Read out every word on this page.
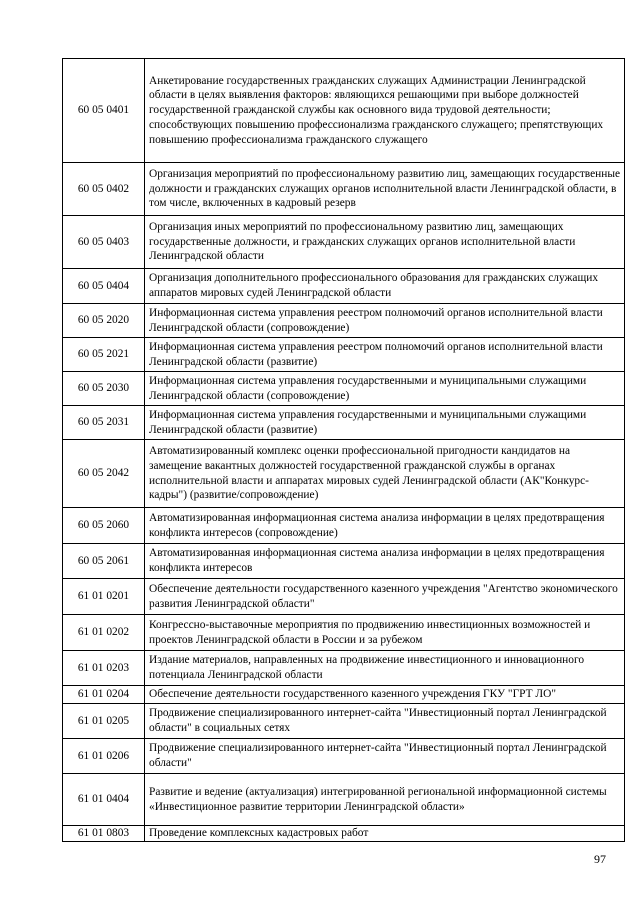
60 05 0401	Анкетирование государственных гражданских служащих Администрации Ленинградской области в целях выявления факторов: являющихся решающими при выборе должностей государственной гражданской службы как основного вида трудовой деятельности; способствующих повышению профессионализма гражданского служащего; препятствующих повышению профессионализма гражданского служащего
60 05 0402	Организация мероприятий по профессиональному развитию лиц, замещающих государственные должности и гражданских служащих органов исполнительной власти Ленинградской области, в том числе, включенных в кадровый резерв
60 05 0403	Организация иных мероприятий по профессиональному развитию лиц, замещающих государственные должности, и гражданских служащих органов исполнительной власти Ленинградской области
60 05 0404	Организация дополнительного профессионального образования для гражданских служащих аппаратов мировых судей Ленинградской области
60 05 2020	Информационная система управления реестром полномочий органов исполнительной власти Ленинградской области (сопровождение)
60 05 2021	Информационная система управления реестром полномочий органов исполнительной власти Ленинградской области (развитие)
60 05 2030	Информационная система управления государственными и муниципальными служащими Ленинградской области (сопровождение)
60 05 2031	Информационная система управления государственными и муниципальными служащими Ленинградской области (развитие)
60 05 2042	Автоматизированный комплекс оценки профессиональной пригодности кандидатов на замещение вакантных должностей государственной гражданской службы в органах исполнительной власти и аппаратах мировых судей Ленинградской области (АК"Конкурс-кадры") (развитие/сопровождение)
60 05 2060	Автоматизированная информационная система анализа информации в целях предотвращения конфликта интересов (сопровождение)
60 05 2061	Автоматизированная информационная система анализа информации в целях предотвращения конфликта интересов
61 01 0201	Обеспечение деятельности государственного казенного учреждения "Агентство экономического развития Ленинградской области"
61 01 0202	Конгрессно-выставочные мероприятия по продвижению инвестиционных возможностей и проектов Ленинградской области в России и за рубежом
61 01 0203	Издание материалов, направленных на продвижение инвестиционного и инновационного потенциала Ленинградской области
61 01 0204	Обеспечение деятельности государственного казенного учреждения ГКУ "ГРТ ЛО"
61 01 0205	Продвижение специализированного интернет-сайта "Инвестиционный портал Ленинградской области" в социальных сетях
61 01 0206	Продвижение специализированного интернет-сайта "Инвестиционный портал Ленинградской области"
61 01 0404	Развитие и ведение (актуализация) интегрированной региональной информационной системы «Инвестиционное развитие территории Ленинградской области»
61 01 0803	Проведение комплексных кадастровых работ
97
